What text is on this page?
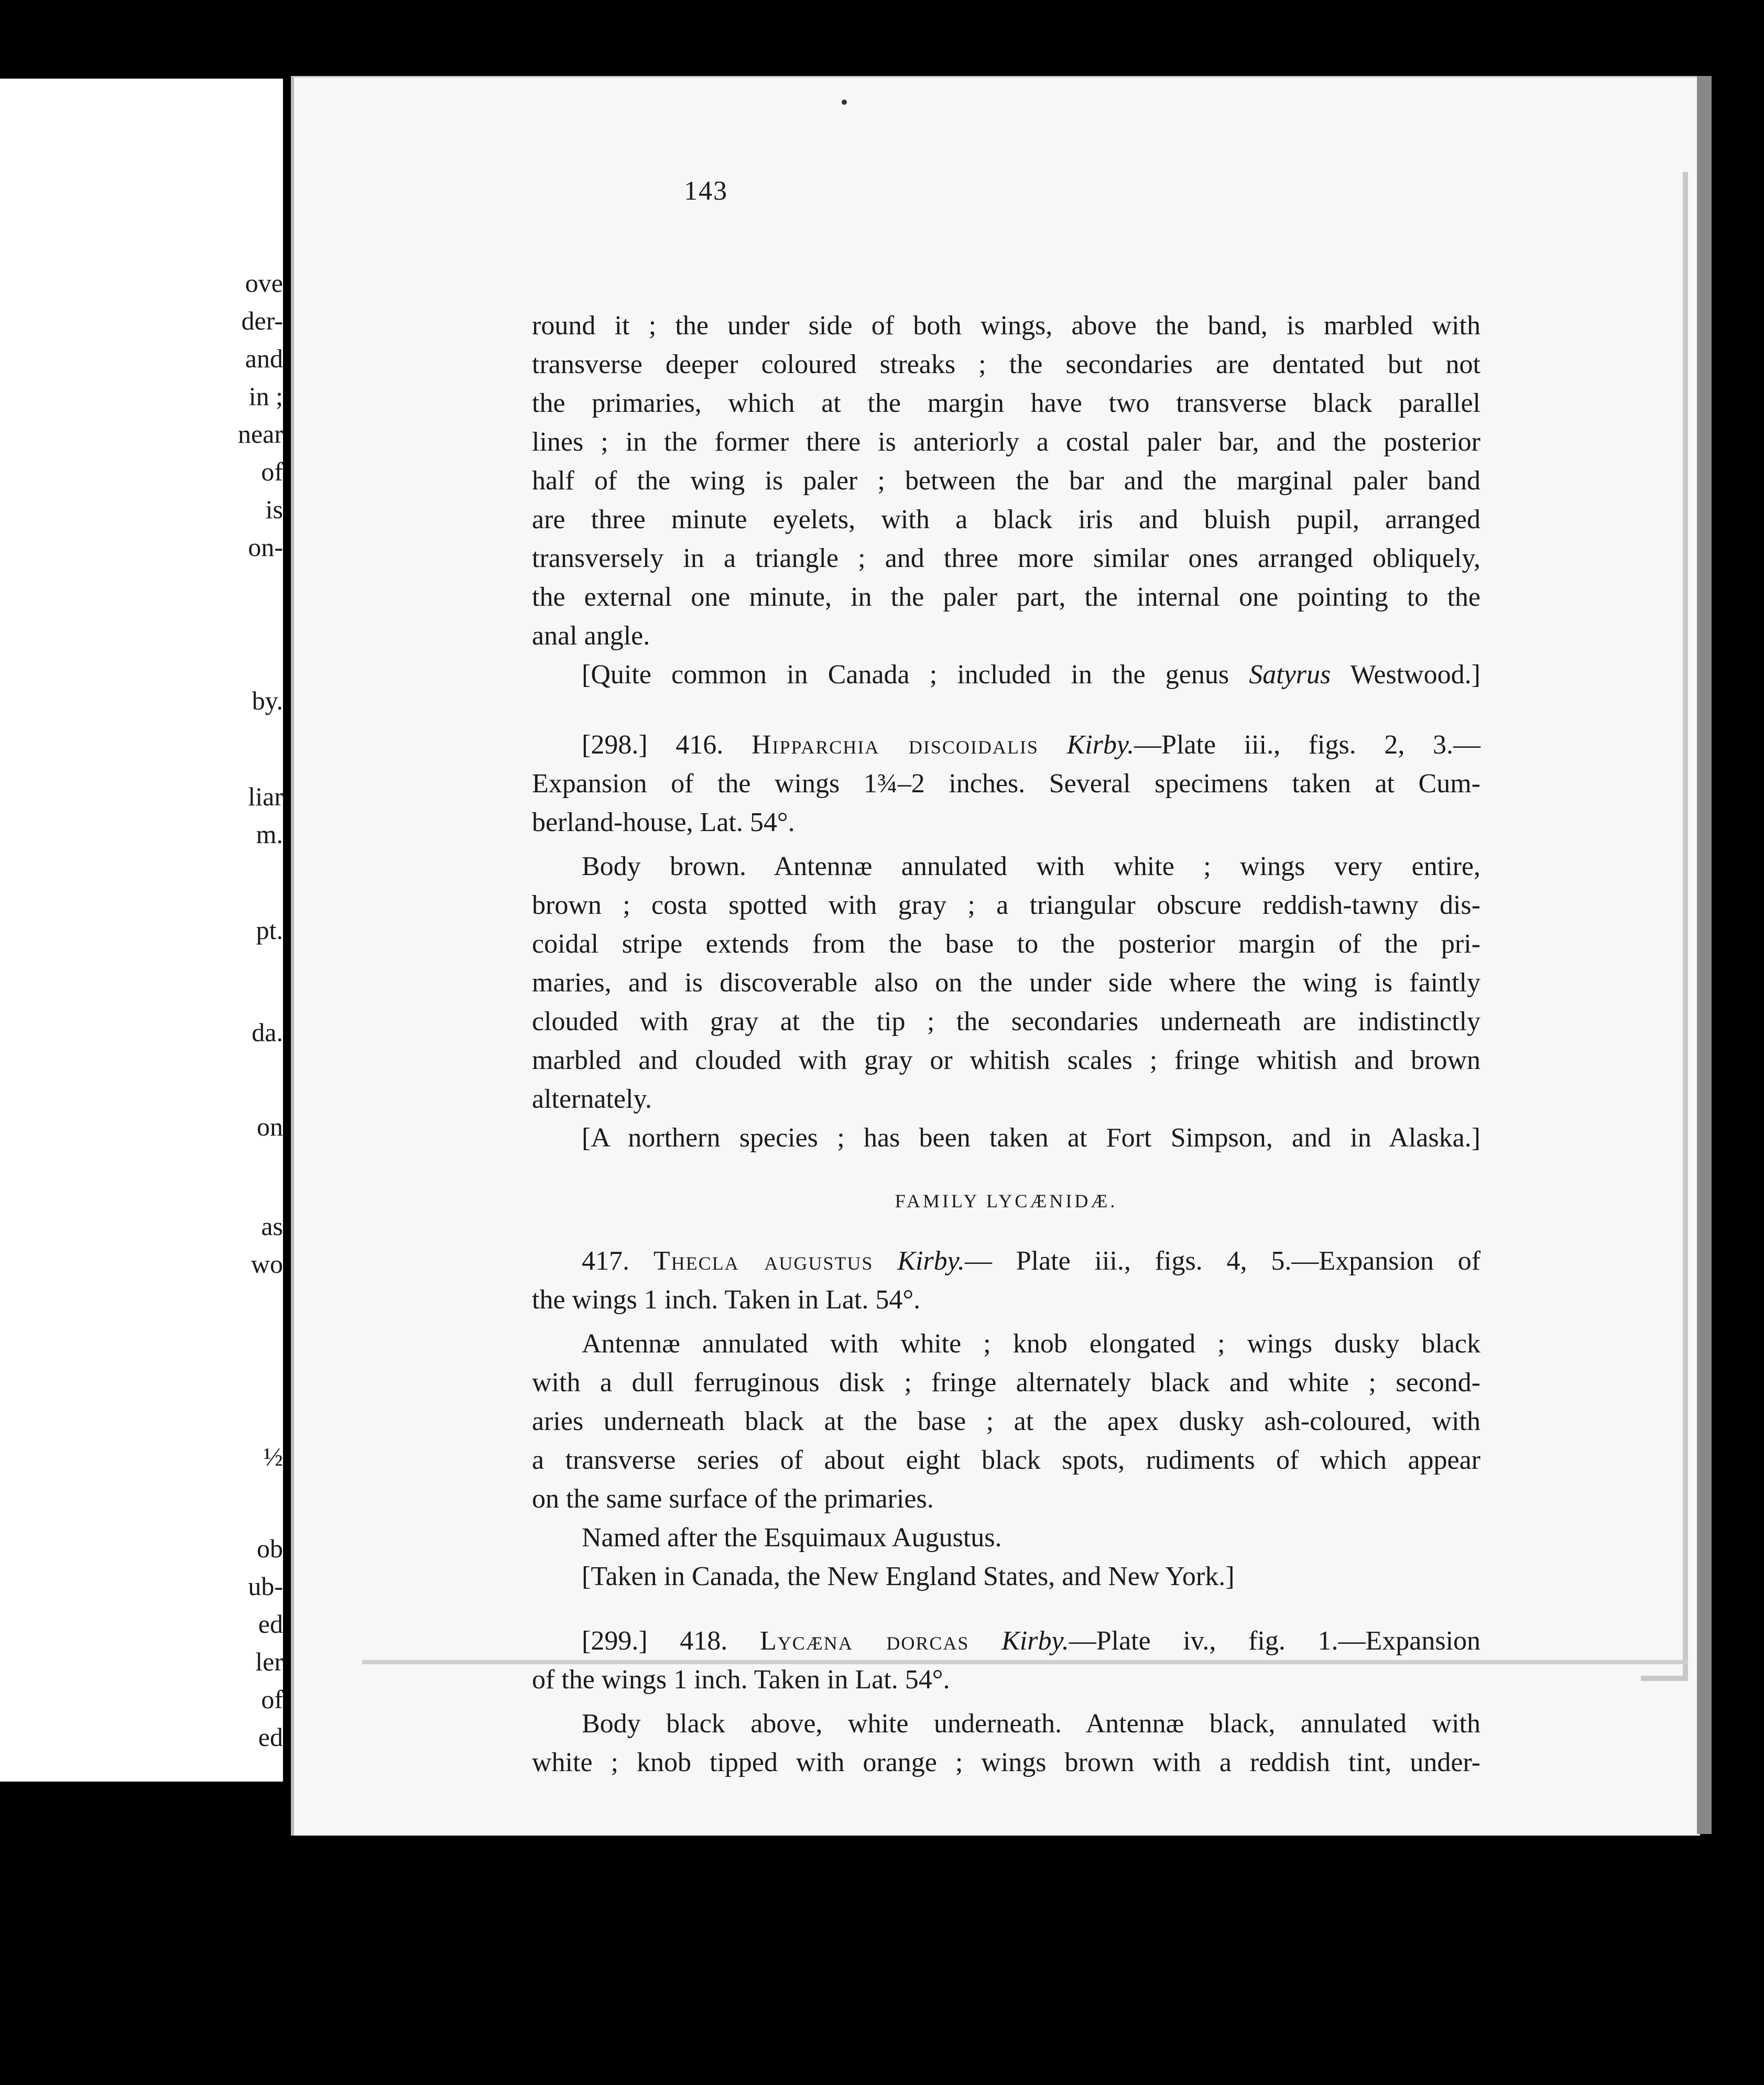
ove
der-
and
in ;
near
of
is
on-
by.
liar
m.
pt.
da.
on
as
wo
½
ob
ub-
ed
ler
of
ed
143
round it ; the under side of both wings, above the band, is marbled with
transverse deeper coloured streaks ; the secondaries are dentated but not
the primaries, which at the margin have two transverse black parallel
lines ; in the former there is anteriorly a costal paler bar, and the posterior
half of the wing is paler ; between the bar and the marginal paler band
are three minute eyelets, with a black iris and bluish pupil, arranged
transversely in a triangle ; and three more similar ones arranged obliquely,
the external one minute, in the paler part, the internal one pointing to the
anal angle.
[Quite common in Canada ; included in the genus Satyrus Westwood.]
[298.] 416. Hipparchia discoidalis Kirby.—Plate iii., figs. 2, 3.—
Expansion of the wings 1¾–2 inches. Several specimens taken at Cum-
berland-house, Lat. 54°.
Body brown. Antennæ annulated with white ; wings very entire,
brown ; costa spotted with gray ; a triangular obscure reddish-tawny dis-
coidal stripe extends from the base to the posterior margin of the pri-
maries, and is discoverable also on the under side where the wing is faintly
clouded with gray at the tip ; the secondaries underneath are indistinctly
marbled and clouded with gray or whitish scales ; fringe whitish and brown
alternately.
[A northern species ; has been taken at Fort Simpson, and in Alaska.]
FAMILY LYCÆNIDÆ.
417. Thecla augustus Kirby.— Plate iii., figs. 4, 5.—Expansion of
the wings 1 inch. Taken in Lat. 54°.
Antennæ annulated with white ; knob elongated ; wings dusky black
with a dull ferruginous disk ; fringe alternately black and white ; second-
aries underneath black at the base ; at the apex dusky ash-coloured, with
a transverse series of about eight black spots, rudiments of which appear
on the same surface of the primaries.
Named after the Esquimaux Augustus.
[Taken in Canada, the New England States, and New York.]
[299.] 418. Lycæna dorcas Kirby.—Plate iv., fig. 1.—Expansion
of the wings 1 inch. Taken in Lat. 54°.
Body black above, white underneath. Antennæ black, annulated with
white ; knob tipped with orange ; wings brown with a reddish tint, under-
